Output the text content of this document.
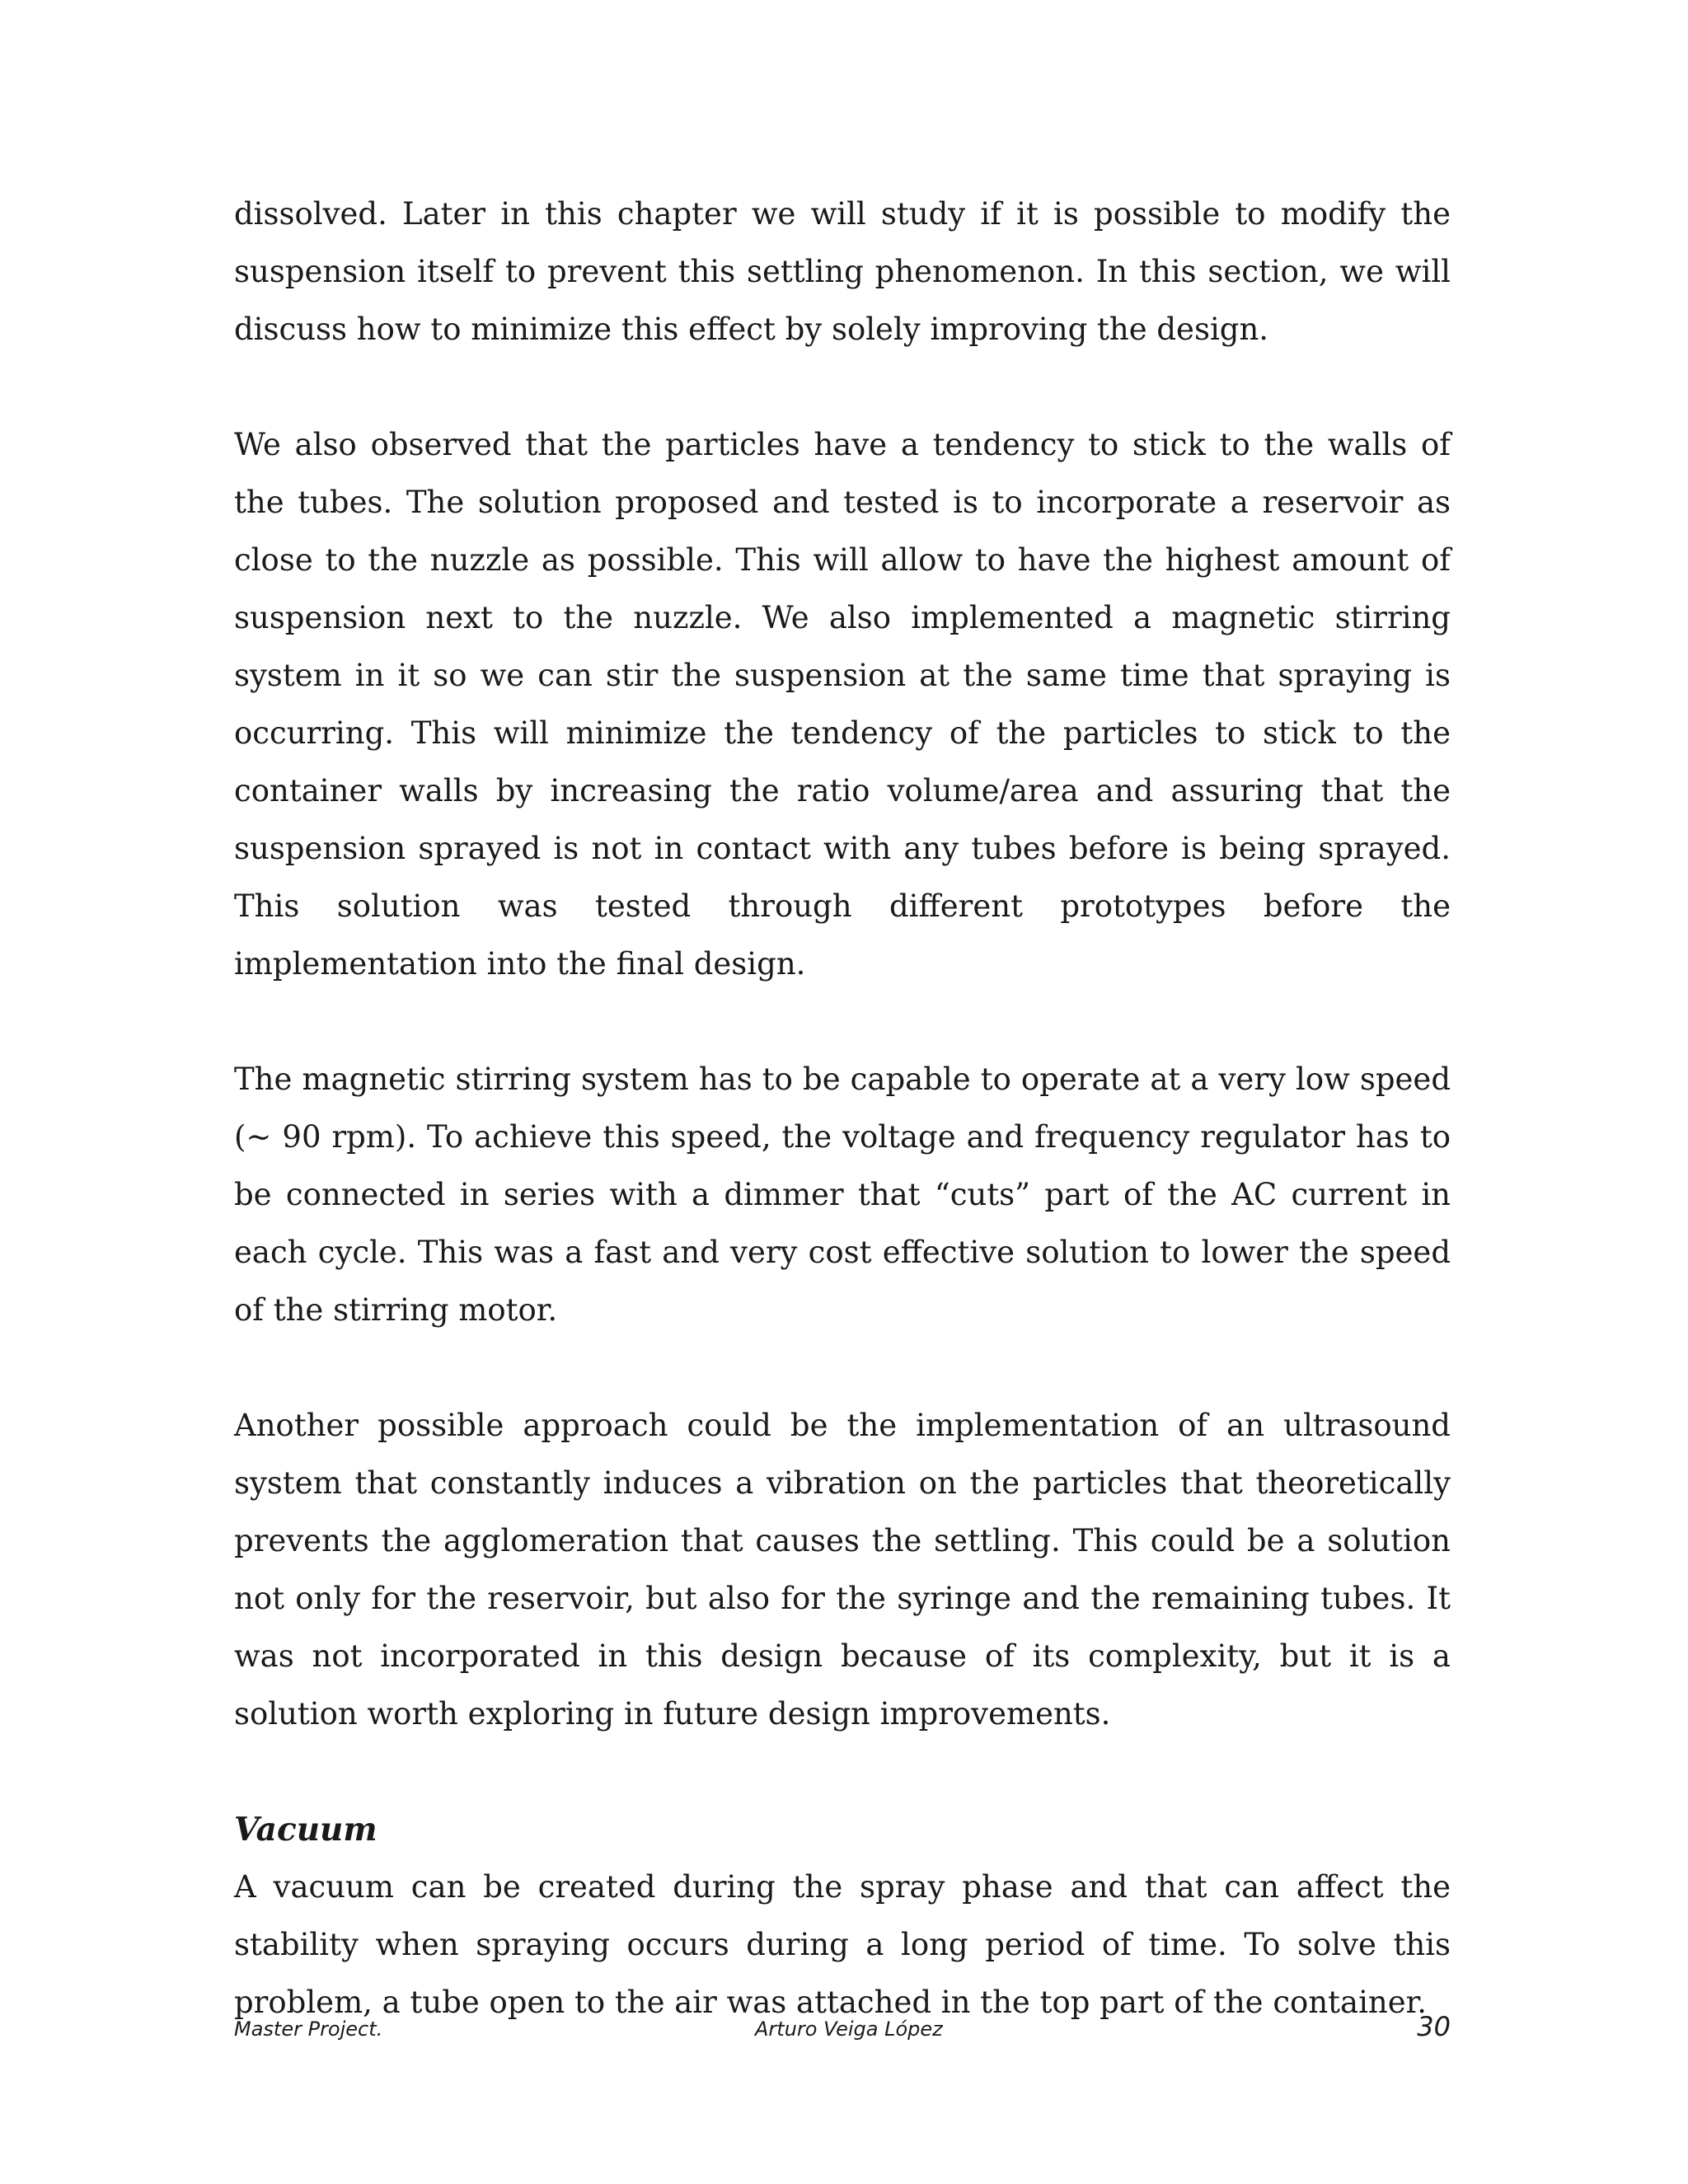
dissolved. Later in this chapter we will study if it is possible to modify the suspension itself to prevent this settling phenomenon. In this section, we will discuss how to minimize this effect by solely improving the design.

We also observed that the particles have a tendency to stick to the walls of the tubes. The solution proposed and tested is to incorporate a reservoir as close to the nuzzle as possible. This will allow to have the highest amount of suspension next to the nuzzle. We also implemented a magnetic stirring system in it so we can stir the suspension at the same time that spraying is occurring. This will minimize the tendency of the particles to stick to the container walls by increasing the ratio volume/area and assuring that the suspension sprayed is not in contact with any tubes before is being sprayed. This solution was tested through different prototypes before the implementation into the final design.

The magnetic stirring system has to be capable to operate at a very low speed (~ 90 rpm). To achieve this speed, the voltage and frequency regulator has to be connected in series with a dimmer that “cuts” part of the AC current in each cycle. This was a fast and very cost effective solution to lower the speed of the stirring motor.

Another possible approach could be the implementation of an ultrasound system that constantly induces a vibration on the particles that theoretically prevents the agglomeration that causes the settling. This could be a solution not only for the reservoir, but also for the syringe and the remaining tubes. It was not incorporated in this design because of its complexity, but it is a solution worth exploring in future design improvements.

Vacuum

A vacuum can be created during the spray phase and that can affect the stability when spraying occurs during a long period of time. To solve this problem, a tube open to the air was attached in the top part of the container.

Master Project.	Arturo Veiga López	30
